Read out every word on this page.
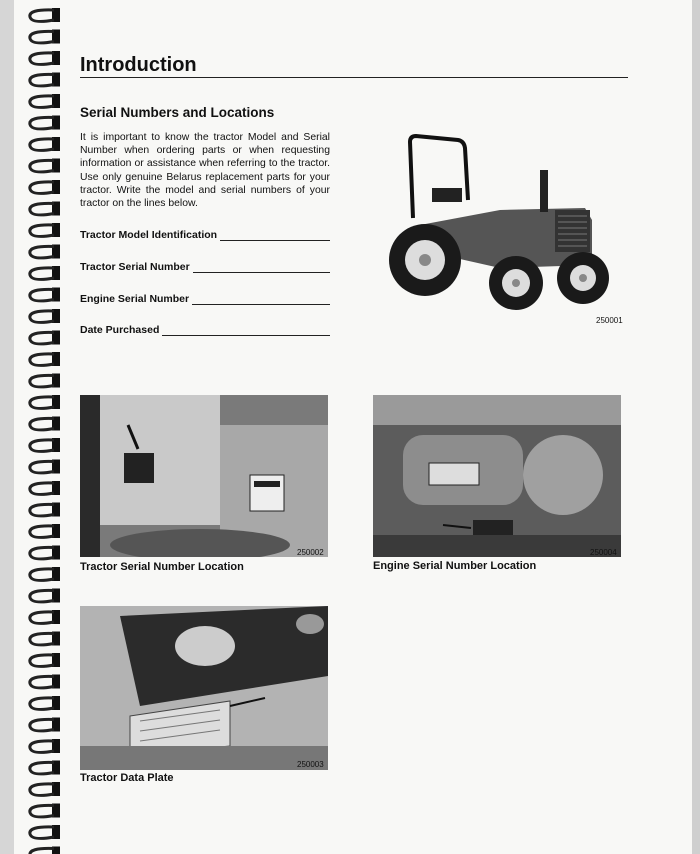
Introduction
Serial Numbers and Locations

It is important to know the tractor Model and Serial Number when ordering parts or when requesting information or assistance when referring to the tractor. Use only genuine Belarus replacement parts for your tractor. Write the model and serial numbers of your tractor on the lines below.

Tractor Model Identification
Tractor Serial Number
Engine Serial Number
Date Purchased
250001
250002
Tractor Serial Number Location
250004
Engine Serial Number Location
250003
Tractor Data Plate
